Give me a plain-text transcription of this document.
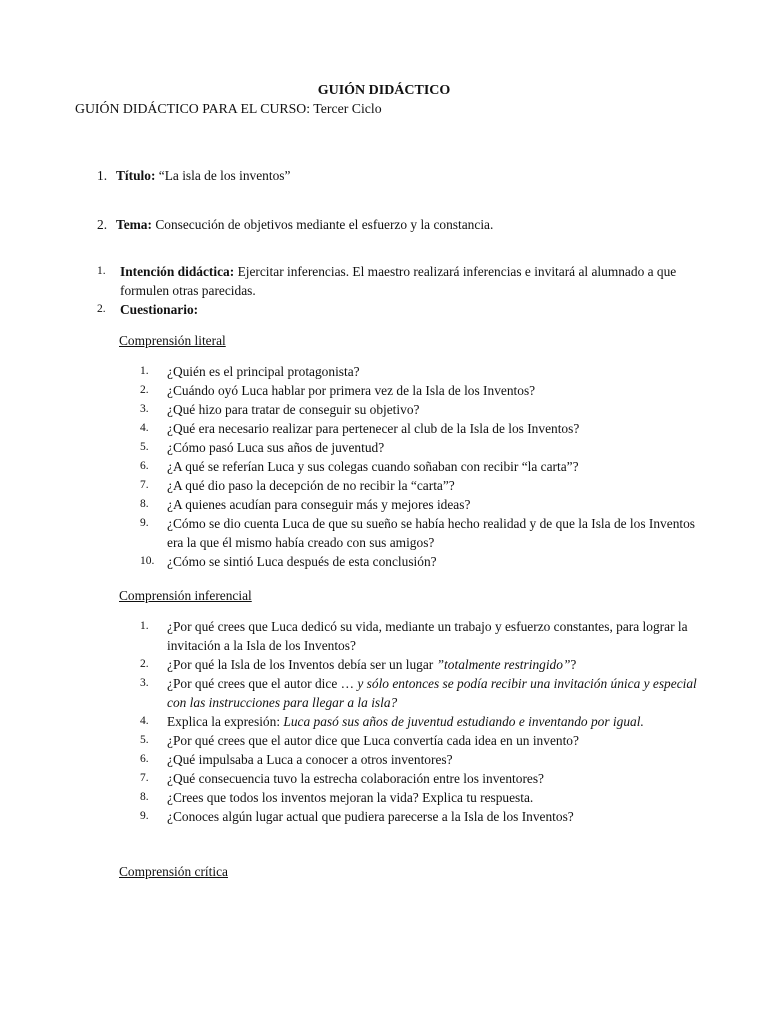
GUIÓN DIDÁCTICO
GUIÓN DIDÁCTICO PARA EL CURSO: Tercer Ciclo
1. Título: “La isla de los inventos”
2. Tema: Consecución de objetivos mediante el esfuerzo y la constancia.
1. Intención didáctica: Ejercitar inferencias. El maestro realizará inferencias e invitará al alumnado a que formulen otras parecidas.
2. Cuestionario:
Comprensión literal
1. ¿Quién es el principal protagonista?
2. ¿Cuándo oyó Luca hablar por primera vez de la Isla de los Inventos?
3. ¿Qué hizo para tratar de conseguir su objetivo?
4. ¿Qué era necesario realizar para pertenecer al club de la Isla de los Inventos?
5. ¿Cómo pasó Luca sus años de juventud?
6. ¿A qué se referían Luca y sus colegas cuando soñaban con recibir “la carta”?
7. ¿A qué dio paso la decepción de no recibir la “carta”?
8. ¿A quienes acudían para conseguir más y mejores ideas?
9. ¿Cómo se dio cuenta Luca de que su sueño se había hecho realidad y de que la Isla de los Inventos era la que él mismo había creado con sus amigos?
10. ¿Cómo se sintió Luca después de esta conclusión?
Comprensión inferencial
1. ¿Por qué crees que Luca dedicó su vida, mediante un trabajo y esfuerzo constantes, para lograr la invitación a la Isla de los Inventos?
2. ¿Por qué la Isla de los Inventos debía ser un lugar ”totalmente restringido”?
3. ¿Por qué crees que el autor dice … y sólo entonces se podía recibir una invitación única y especial con las instrucciones para llegar a la isla?
4. Explica la expresión: Luca pasó sus años de juventud estudiando e inventando por igual.
5. ¿Por qué crees que el autor dice que Luca convertía cada idea en un invento?
6. ¿Qué impulsaba a Luca a conocer a otros inventores?
7. ¿Qué consecuencia tuvo la estrecha colaboración entre los inventores?
8. ¿Crees que todos los inventos mejoran la vida? Explica tu respuesta.
9. ¿Conoces algún lugar actual que pudiera parecerse a la Isla de los Inventos?
Comprensión crítica
